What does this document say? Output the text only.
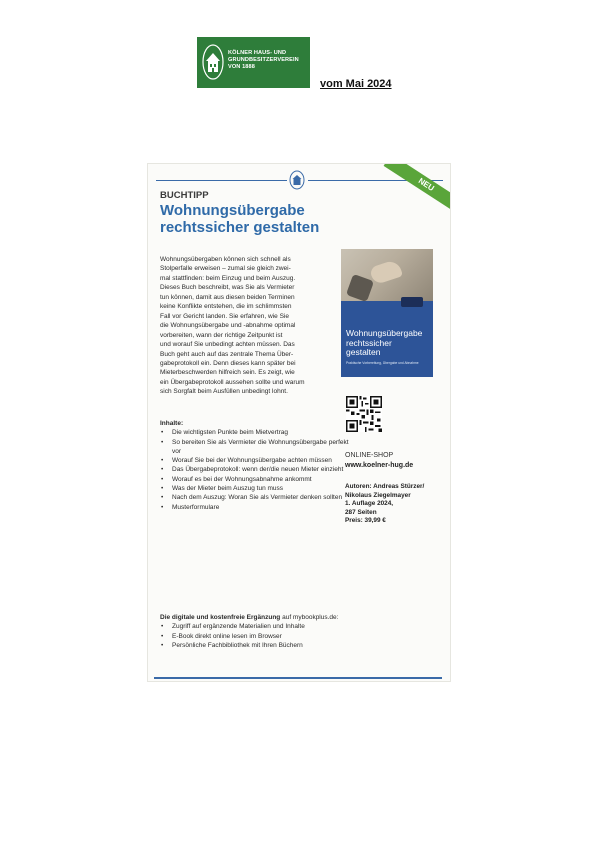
KÖLNER HAUS- UND
GRUNDBESITZERVEREIN
VON 1888
vom Mai 2024
NEU
BUCHTIPP
Wohnungsübergabe
rechtssicher gestalten
Wohnungsübergaben können sich schnell als
Stolperfalle erweisen – zumal sie gleich zwei-
mal stattfinden: beim Einzug und beim Auszug.
Dieses Buch beschreibt, was Sie als Vermieter
tun können, damit aus diesen beiden Terminen
keine Konflikte entstehen, die im schlimmsten
Fall vor Gericht landen. Sie erfahren, wie Sie
die Wohnungsübergabe und -abnahme optimal
vorbereiten, wann der richtige Zeitpunkt ist
und worauf Sie unbedingt achten müssen. Das
Buch geht auch auf das zentrale Thema Über-
gabeprotokoll ein. Denn dieses kann später bei
Mieterbeschwerden hilfreich sein. Es zeigt, wie
ein Übergabeprotokoll aussehen sollte und warum
sich Sorgfalt beim Ausfüllen unbedingt lohnt.
Wohnungsübergabe
rechtssicher
gestalten
Praktische Vorbereitung, Übergabe und Abnahme
ONLINE-SHOP
www.koelner-hug.de
Autoren: Andreas Stürzer/
Nikolaus Ziegelmayer
1. Auflage 2024,
287 Seiten
Preis: 39,99 €
Inhalte:
• Die wichtigsten Punkte beim Mietvertrag
• So bereiten Sie als Vermieter die Wohnungsübergabe perfekt vor
• Worauf Sie bei der Wohnungsübergabe achten müssen
• Das Übergabeprotokoll: wenn der/die neuen Mieter einzieht
• Worauf es bei der Wohnungsabnahme ankommt
• Was der Mieter beim Auszug tun muss
• Nach dem Auszug: Woran Sie als Vermieter denken sollten
• Musterformulare
Die digitale und kostenfreie Ergänzung auf mybookplus.de:
• Zugriff auf ergänzende Materialien und Inhalte
• E-Book direkt online lesen im Browser
• Persönliche Fachbibliothek mit Ihren Büchern
